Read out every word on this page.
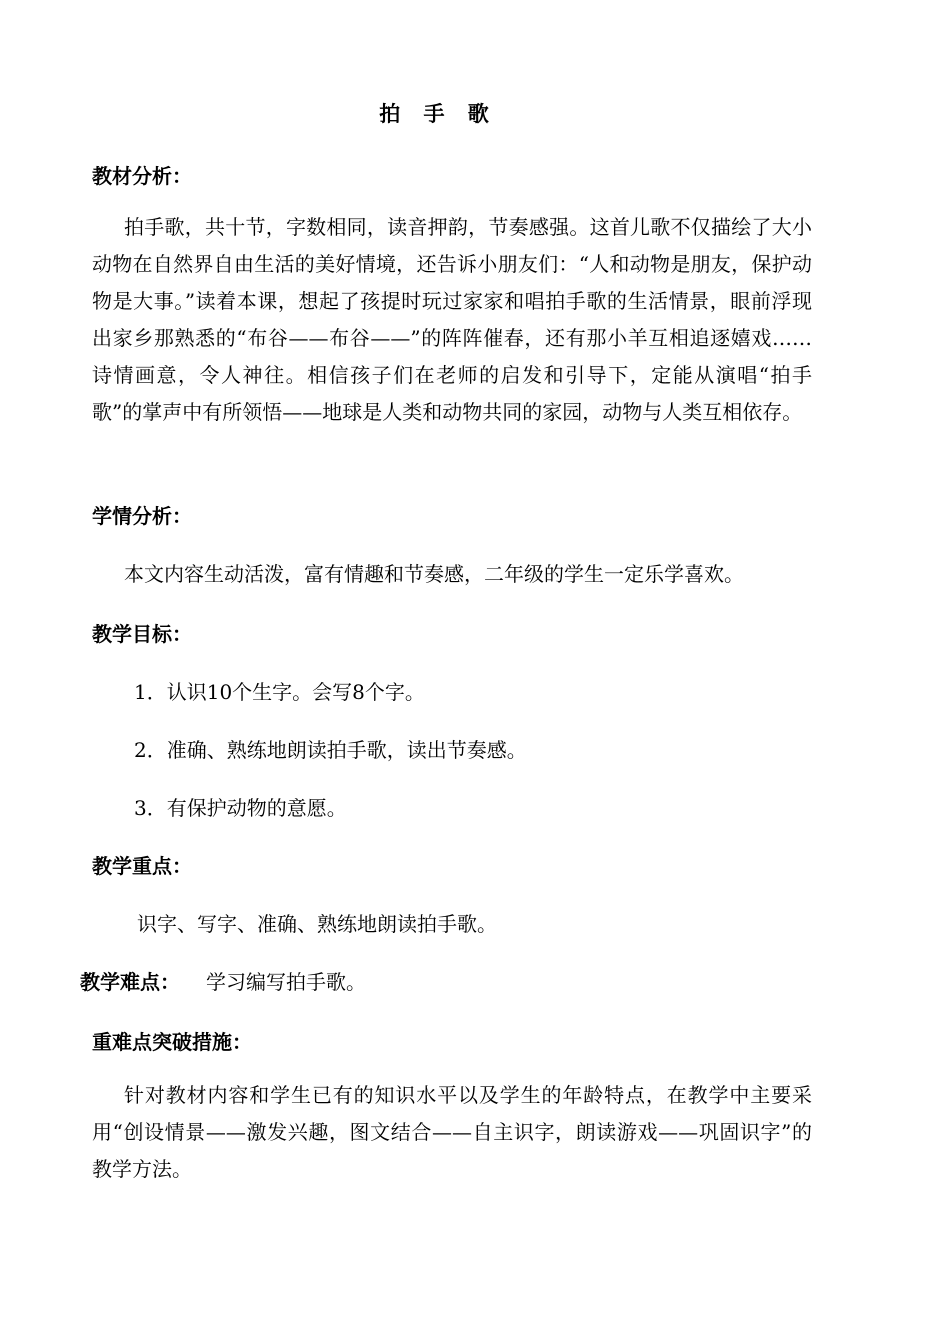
拍 手 歌
教材分析：
拍手歌，共十节，字数相同，读音押韵，节奏感强。这首儿歌不仅描绘了大小动物在自然界自由生活的美好情境，还告诉小朋友们：“人和动物是朋友，保护动物是大事。”读着本课，想起了孩提时玩过家家和唱拍手歌的生活情景，眼前浮现出家乡那熟悉的“布谷——布谷——”的阵阵催春，还有那小羊互相追逐嬉戏……诗情画意，令人神往。相信孩子们在老师的启发和引导下，定能从演唱“拍手歌”的掌声中有所领悟——地球是人类和动物共同的家园，动物与人类互相依存。
学情分析：
本文内容生动活泼，富有情趣和节奏感，二年级的学生一定乐学喜欢。
教学目标：
1．认识10个生字。会写8个字。
2．准确、熟练地朗读拍手歌，读出节奏感。
3．有保护动物的意愿。
教学重点：
识字、写字、准确、熟练地朗读拍手歌。
教学难点： 学习编写拍手歌。
重难点突破措施：
针对教材内容和学生已有的知识水平以及学生的年龄特点，在教学中主要采用“创设情景——激发兴趣，图文结合——自主识字，朗读游戏——巩固识字”的教学方法。
